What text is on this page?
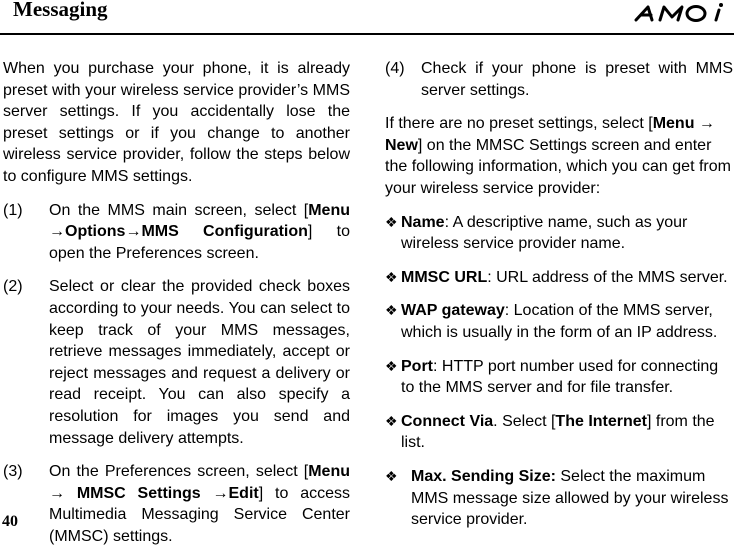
Messaging

When you purchase your phone, it is already preset with your wireless service provider’s MMS server settings. If you accidentally lose the preset settings or if you change to another wireless service provider, follow the steps below to configure MMS settings.

(1)	On the MMS main screen, select [Menu →Options→MMS Configuration] to open the Preferences screen.
(2)	Select or clear the provided check boxes according to your needs. You can select to keep track of your MMS messages, retrieve messages immediately, accept or reject messages and request a delivery or read receipt. You can also specify a resolution for images you send and message delivery attempts.
(3)	On the Preferences screen, select [Menu → MMSC Settings →Edit] to access Multimedia Messaging Service Center (MMSC) settings.
(4)	Check if your phone is preset with MMS server settings.

If there are no preset settings, select [Menu → New] on the MMSC Settings screen and enter the following information, which you can get from your wireless service provider:

❖ Name: A descriptive name, such as your wireless service provider name.
❖ MMSC URL: URL address of the MMS server.
❖ WAP gateway: Location of the MMS server, which is usually in the form of an IP address.
❖ Port: HTTP port number used for connecting to the MMS server and for file transfer.
❖ Connect Via. Select [The Internet] from the list.
❖ Max. Sending Size: Select the maximum MMS message size allowed by your wireless service provider.
40
